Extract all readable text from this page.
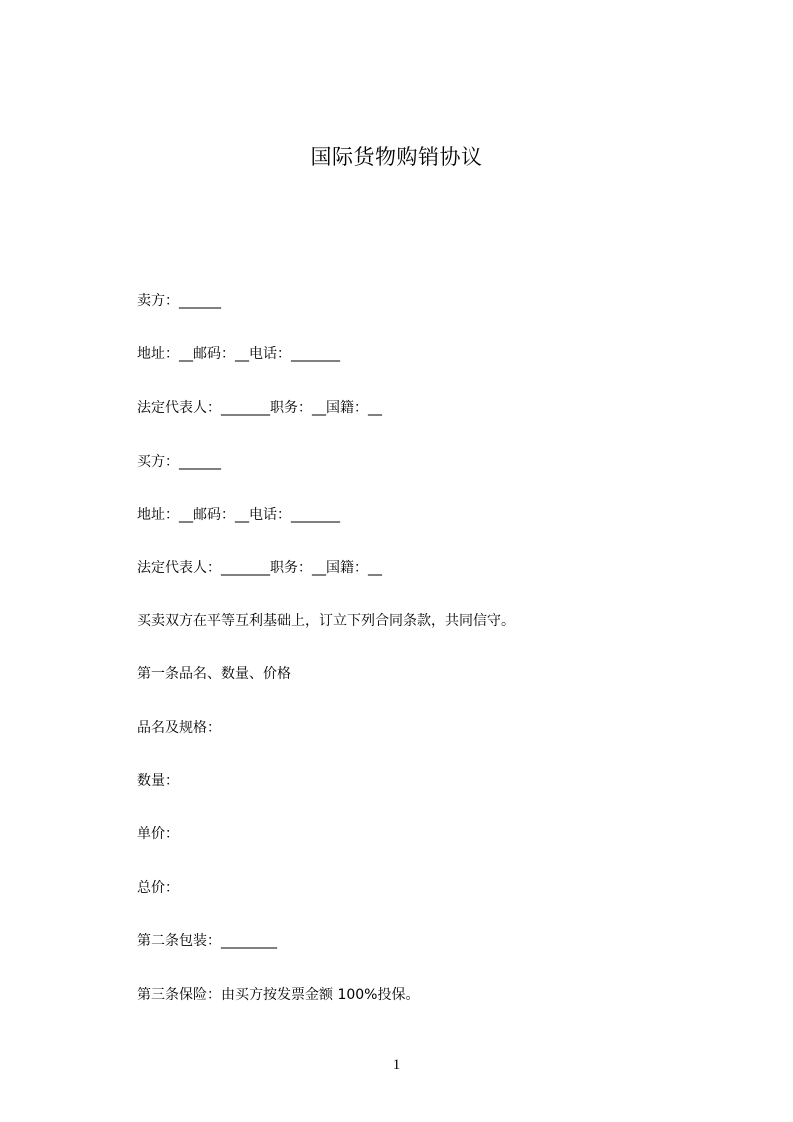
国际货物购销协议
卖方：______
地址：__邮码：__电话：_______
法定代表人：_______职务：__国籍：__
买方：______
地址：__邮码：__电话：_______
法定代表人：_______职务：__国籍：__
买卖双方在平等互利基础上，订立下列合同条款，共同信守。
第一条品名、数量、价格
品名及规格：
数量：
单价：
总价：
第二条包装：________
第三条保险：由买方按发票金额 100%投保。
1
